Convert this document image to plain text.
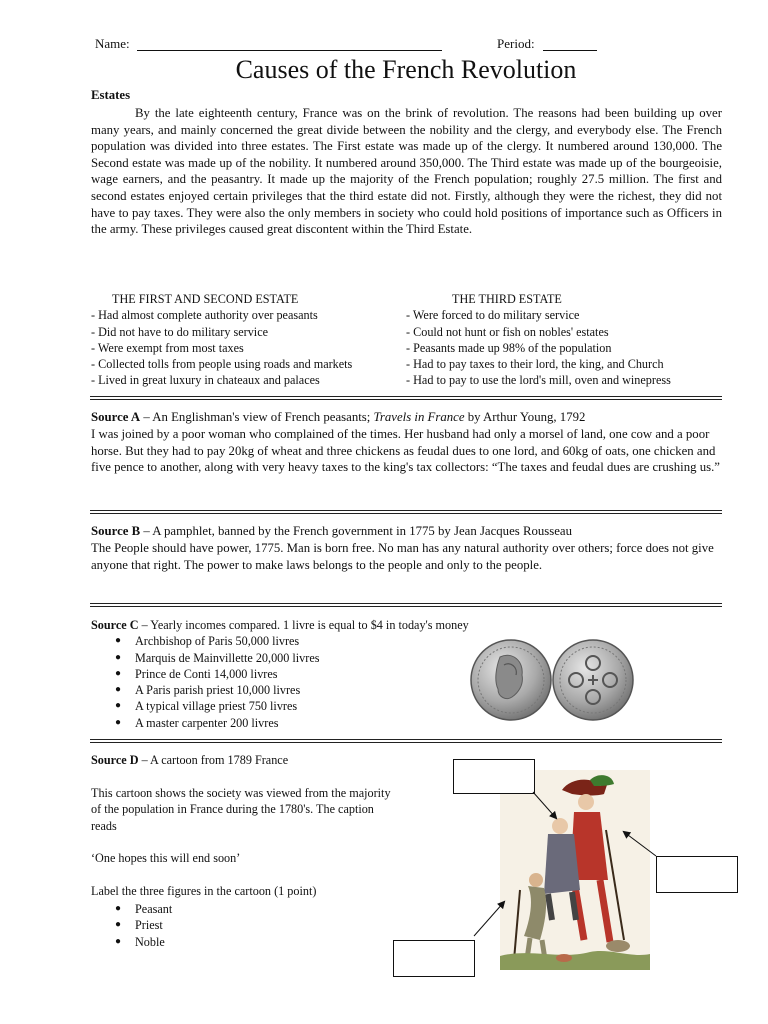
Name:	Period:
Causes of the French Revolution
Estates
By the late eighteenth century, France was on the brink of revolution. The reasons had been building up over many years, and mainly concerned the great divide between the nobility and the clergy, and everybody else. The French population was divided into three estates. The First estate was made up of the clergy. It numbered around 130,000. The Second estate was made up of the nobility. It numbered around 350,000. The Third estate was made up of the bourgeoisie, wage earners, and the peasantry. It made up the majority of the French population; roughly 27.5 million. The first and second estates enjoyed certain privileges that the third estate did not. Firstly, although they were the richest, they did not have to pay taxes. They were also the only members in society who could hold positions of importance such as Officers in the army. These privileges caused great discontent within the Third Estate.
THE FIRST AND SECOND ESTATE
- Had almost complete authority over peasants
- Did not have to do military service
- Were exempt from most taxes
- Collected tolls from people using roads and markets
- Lived in great luxury in chateaux and palaces
THE THIRD ESTATE
- Were forced to do military service
- Could not hunt or fish on nobles' estates
- Peasants made up 98% of the population
- Had to pay taxes to their lord, the king, and Church
- Had to pay to use the lord's mill, oven and winepress
Source A – An Englishman's view of French peasants; Travels in France by Arthur Young, 1792
I was joined by a poor woman who complained of the times. Her husband had only a morsel of land, one cow and a poor horse. But they had to pay 20kg of wheat and three chickens as feudal dues to one lord, and 60kg of oats, one chicken and five pence to another, along with very heavy taxes to the king's tax collectors: “The taxes and feudal dues are crushing us.”
Source B – A pamphlet, banned by the French government in 1775 by Jean Jacques Rousseau
The People should have power, 1775. Man is born free. No man has any natural authority over others; force does not give anyone that right. The power to make laws belongs to the people and only to the people.
Source C – Yearly incomes compared. 1 livre is equal to $4 in today's money
● Archbishop of Paris 50,000 livres
● Marquis de Mainvillette 20,000 livres
● Prince de Conti 14,000 livres
● A Paris parish priest 10,000 livres
● A typical village priest 750 livres
● A master carpenter 200 livres

Source D – A cartoon from 1789 France

This cartoon shows the society was viewed from the majority of the population in France during the 1780's. The caption reads

‘One hopes this will end soon’

Label the three figures in the cartoon (1 point)

● Peasant
● Priest
● Noble
